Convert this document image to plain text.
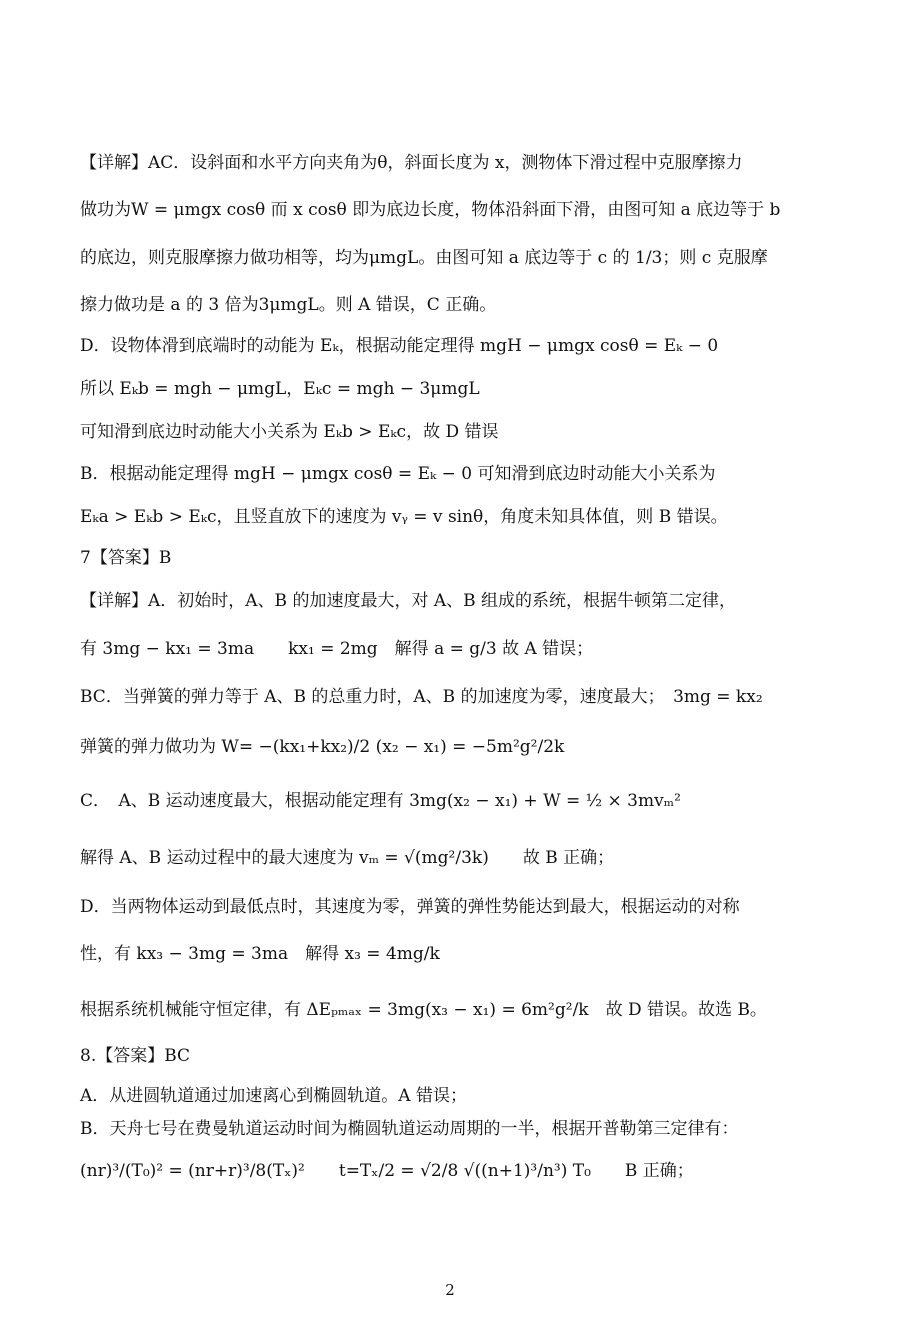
【详解】AC．设斜面和水平方向夹角为θ，斜面长度为 x，测物体下滑过程中克服摩擦力
做功为W = μmgx cosθ 而 x cosθ 即为底边长度，物体沿斜面下滑，由图可知 a 底边等于 b
的底边，则克服摩擦力做功相等，均为μmgL。由图可知 a 底边等于 c 的 1/3；则 c 克服摩
擦力做功是 a 的 3 倍为3μmgL。则 A 错误，C 正确。
D．设物体滑到底端时的动能为 Eₖ，根据动能定理得 mgH − μmgx cosθ = Eₖ − 0
所以 Eₖb = mgh − μmgL，Eₖc = mgh − 3μmgL
可知滑到底边时动能大小关系为 Eₖb > Eₖc，故 D 错误
B．根据动能定理得 mgH − μmgx cosθ = Eₖ − 0 可知滑到底边时动能大小关系为
Eₖa > Eₖb > Eₖc，且竖直放下的速度为 vᵧ = v sinθ，角度未知具体值，则 B 错误。
7【答案】B
【详解】A．初始时，A、B 的加速度最大，对 A、B 组成的系统，根据牛顿第二定律，
有 3mg − kx₁ = 3ma　　kx₁ = 2mg　解得 a = g/3 故 A 错误；
BC．当弹簧的弹力等于 A、B 的总重力时，A、B 的加速度为零，速度最大；　3mg = kx₂
弹簧的弹力做功为 W= −(kx₁+kx₂)/2 (x₂ − x₁) = −5m²g²/2k
C．　A、B 运动速度最大，根据动能定理有 3mg(x₂ − x₁) + W = ½ × 3mvₘ²
解得 A、B 运动过程中的最大速度为 vₘ = √(mg²/3k)　　故 B 正确；
D．当两物体运动到最低点时，其速度为零，弹簧的弹性势能达到最大，根据运动的对称
性，有 kx₃ − 3mg = 3ma　解得 x₃ = 4mg/k
根据系统机械能守恒定律，有 ΔEₚₘₐₓ = 3mg(x₃ − x₁) = 6m²g²/k　故 D 错误。故选 B。
8.【答案】BC
A．从进圆轨道通过加速离心到椭圆轨道。A 错误；
B．天舟七号在费曼轨道运动时间为椭圆轨道运动周期的一半，根据开普勒第三定律有：
(nr)³/(T₀)² = (nr+r)³/8(Tₓ)²　　t=Tₓ/2 = √2/8 √((n+1)³/n³) T₀　　B 正确；
2
